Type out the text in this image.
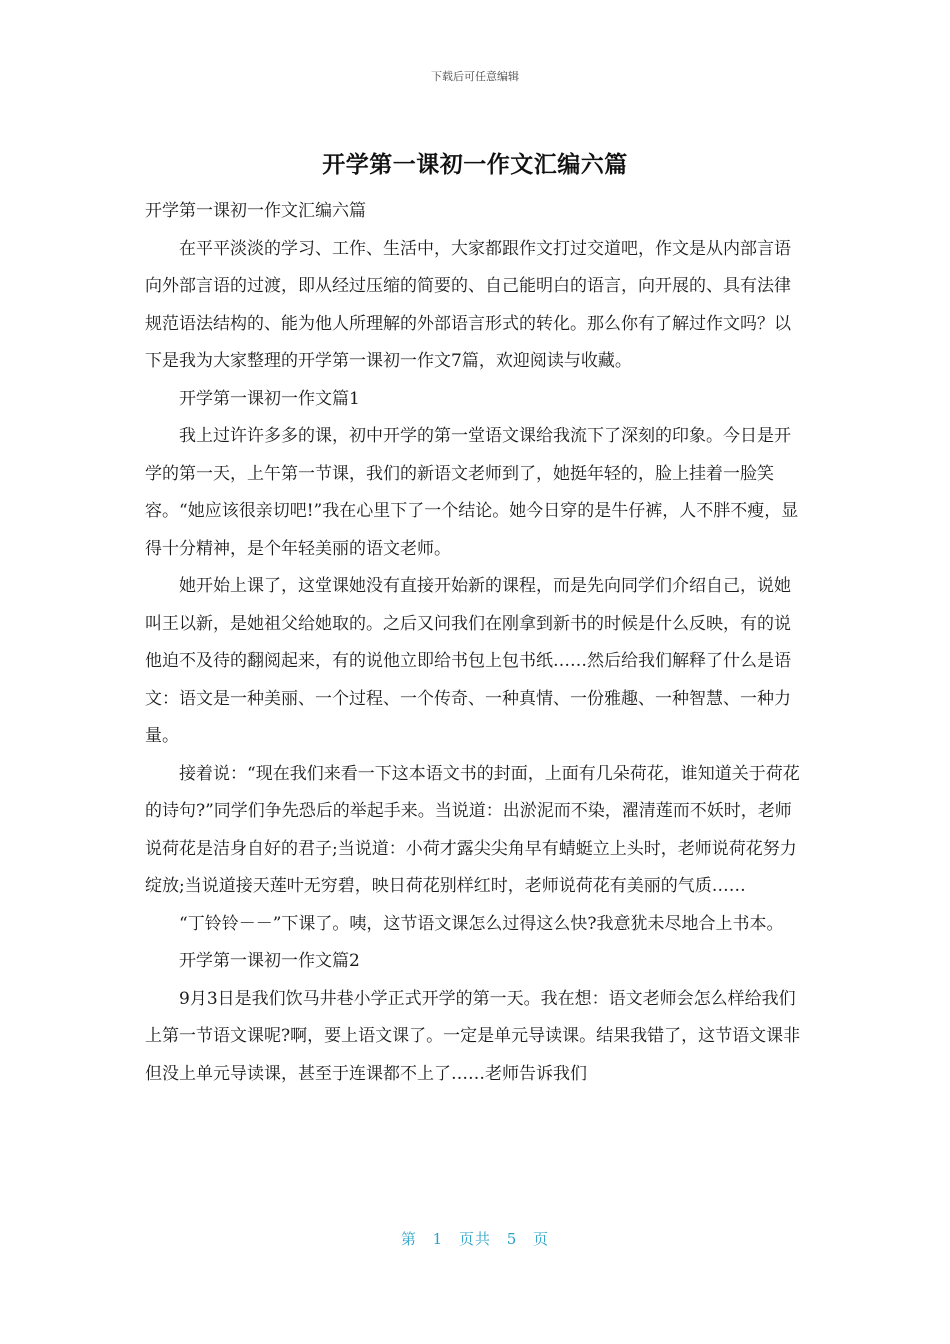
下载后可任意编辑
开学第一课初一作文汇编六篇

开学第一课初一作文汇编六篇

在平平淡淡的学习、工作、生活中，大家都跟作文打过交道吧，作文是从内部言语向外部言语的过渡，即从经过压缩的简要的、自己能明白的语言，向开展的、具有法律规范语法结构的、能为他人所理解的外部语言形式的转化。那么你有了解过作文吗？以下是我为大家整理的开学第一课初一作文7篇，欢迎阅读与收藏。

开学第一课初一作文篇1

我上过许许多多的课，初中开学的第一堂语文课给我流下了深刻的印象。今日是开学的第一天，上午第一节课，我们的新语文老师到了，她挺年轻的，脸上挂着一脸笑容。“她应该很亲切吧!”我在心里下了一个结论。她今日穿的是牛仔裤，人不胖不瘦，显得十分精神，是个年轻美丽的语文老师。

她开始上课了，这堂课她没有直接开始新的课程，而是先向同学们介绍自己，说她叫王以新，是她祖父给她取的。之后又问我们在刚拿到新书的时候是什么反映，有的说他迫不及待的翻阅起来，有的说他立即给书包上包书纸……然后给我们解释了什么是语文：语文是一种美丽、一个过程、一个传奇、一种真情、一份雅趣、一种智慧、一种力量。

接着说：“现在我们来看一下这本语文书的封面，上面有几朵荷花，谁知道关于荷花的诗句?”同学们争先恐后的举起手来。当说道：出淤泥而不染，濯清莲而不妖时，老师说荷花是洁身自好的君子;当说道：小荷才露尖尖角早有蜻蜓立上头时，老师说荷花努力绽放;当说道接天莲叶无穷碧，映日荷花别样红时，老师说荷花有美丽的气质……

“丁铃铃－－”下课了。咦，这节语文课怎么过得这么快?我意犹未尽地合上书本。

开学第一课初一作文篇2

9月3日是我们饮马井巷小学正式开学的第一天。我在想：语文老师会怎么样给我们上第一节语文课呢?啊，要上语文课了。一定是单元导读课。结果我错了，这节语文课非但没上单元导读课，甚至于连课都不上了……老师告诉我们

第 1 页共 5 页
